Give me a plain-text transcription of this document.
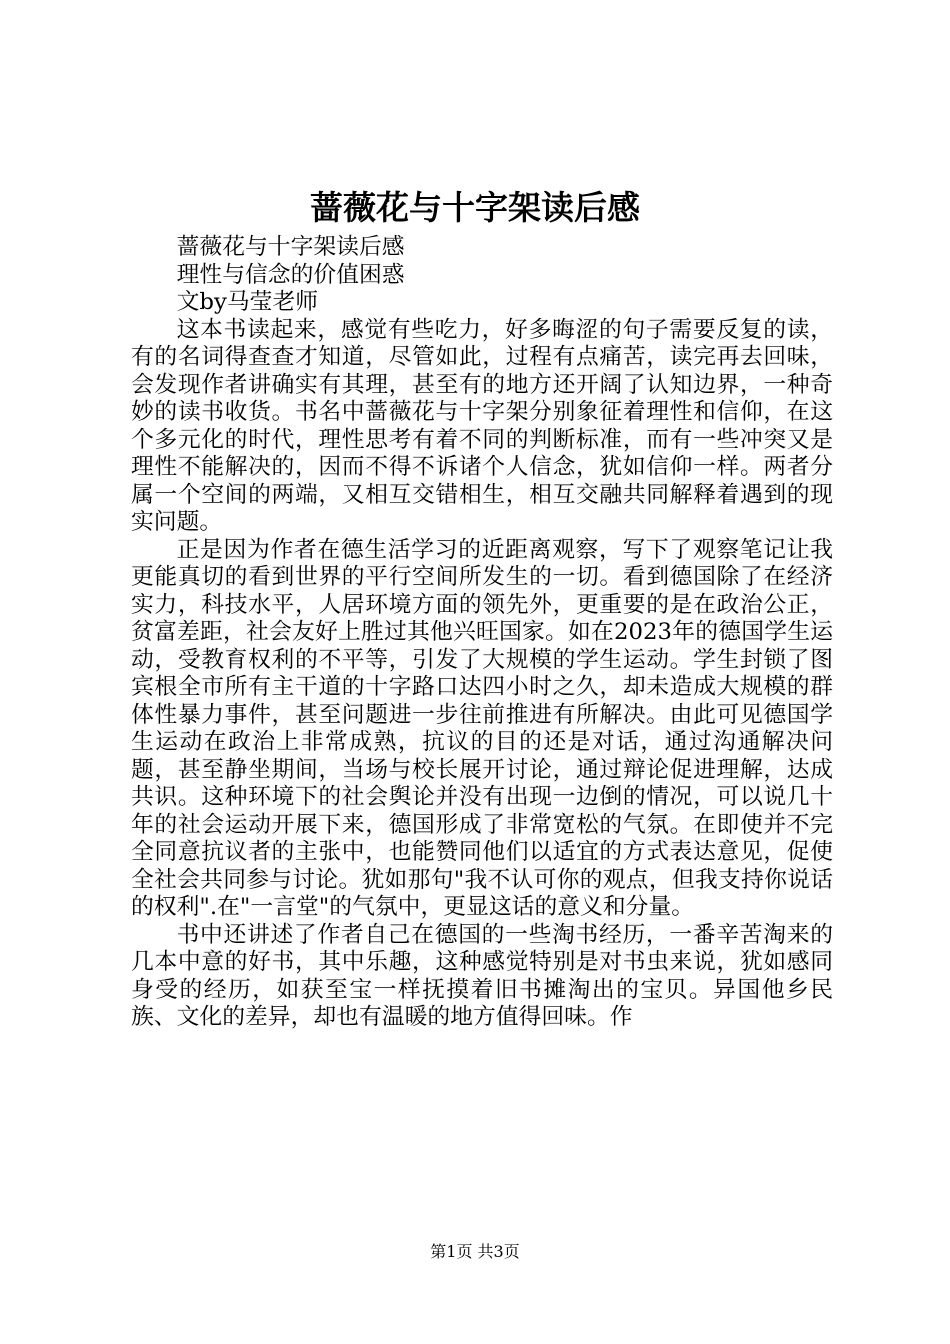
蔷薇花与十字架读后感

蔷薇花与十字架读后感

理性与信念的价值困惑

文by马莹老师

这本书读起来，感觉有些吃力，好多晦涩的句子需要反复的读，有的名词得查查才知道，尽管如此，过程有点痛苦，读完再去回味，会发现作者讲确实有其理，甚至有的地方还开阔了认知边界，一种奇妙的读书收货。书名中蔷薇花与十字架分别象征着理性和信仰，在这个多元化的时代，理性思考有着不同的判断标准，而有一些冲突又是理性不能解决的，因而不得不诉诸个人信念，犹如信仰一样。两者分属一个空间的两端，又相互交错相生，相互交融共同解释着遇到的现实问题。

正是因为作者在德生活学习的近距离观察，写下了观察笔记让我更能真切的看到世界的平行空间所发生的一切。看到德国除了在经济实力，科技水平，人居环境方面的领先外，更重要的是在政治公正，贫富差距，社会友好上胜过其他兴旺国家。如在2023年的德国学生运动，受教育权利的不平等，引发了大规模的学生运动。学生封锁了图宾根全市所有主干道的十字路口达四小时之久，却未造成大规模的群体性暴力事件，甚至问题进一步往前推进有所解决。由此可见德国学生运动在政治上非常成熟，抗议的目的还是对话，通过沟通解决问题，甚至静坐期间，当场与校长展开讨论，通过辩论促进理解，达成共识。这种环境下的社会舆论并没有出现一边倒的情况，可以说几十年的社会运动开展下来，德国形成了非常宽松的气氛。在即使并不完全同意抗议者的主张中，也能赞同他们以适宜的方式表达意见，促使全社会共同参与讨论。犹如那句"我不认可你的观点，但我支持你说话的权利".在"一言堂"的气氛中，更显这话的意义和分量。

书中还讲述了作者自己在德国的一些淘书经历，一番辛苦淘来的几本中意的好书，其中乐趣，这种感觉特别是对书虫来说，犹如感同身受的经历，如获至宝一样抚摸着旧书摊淘出的宝贝。异国他乡民族、文化的差异，却也有温暖的地方值得回味。作

第1页 共3页
